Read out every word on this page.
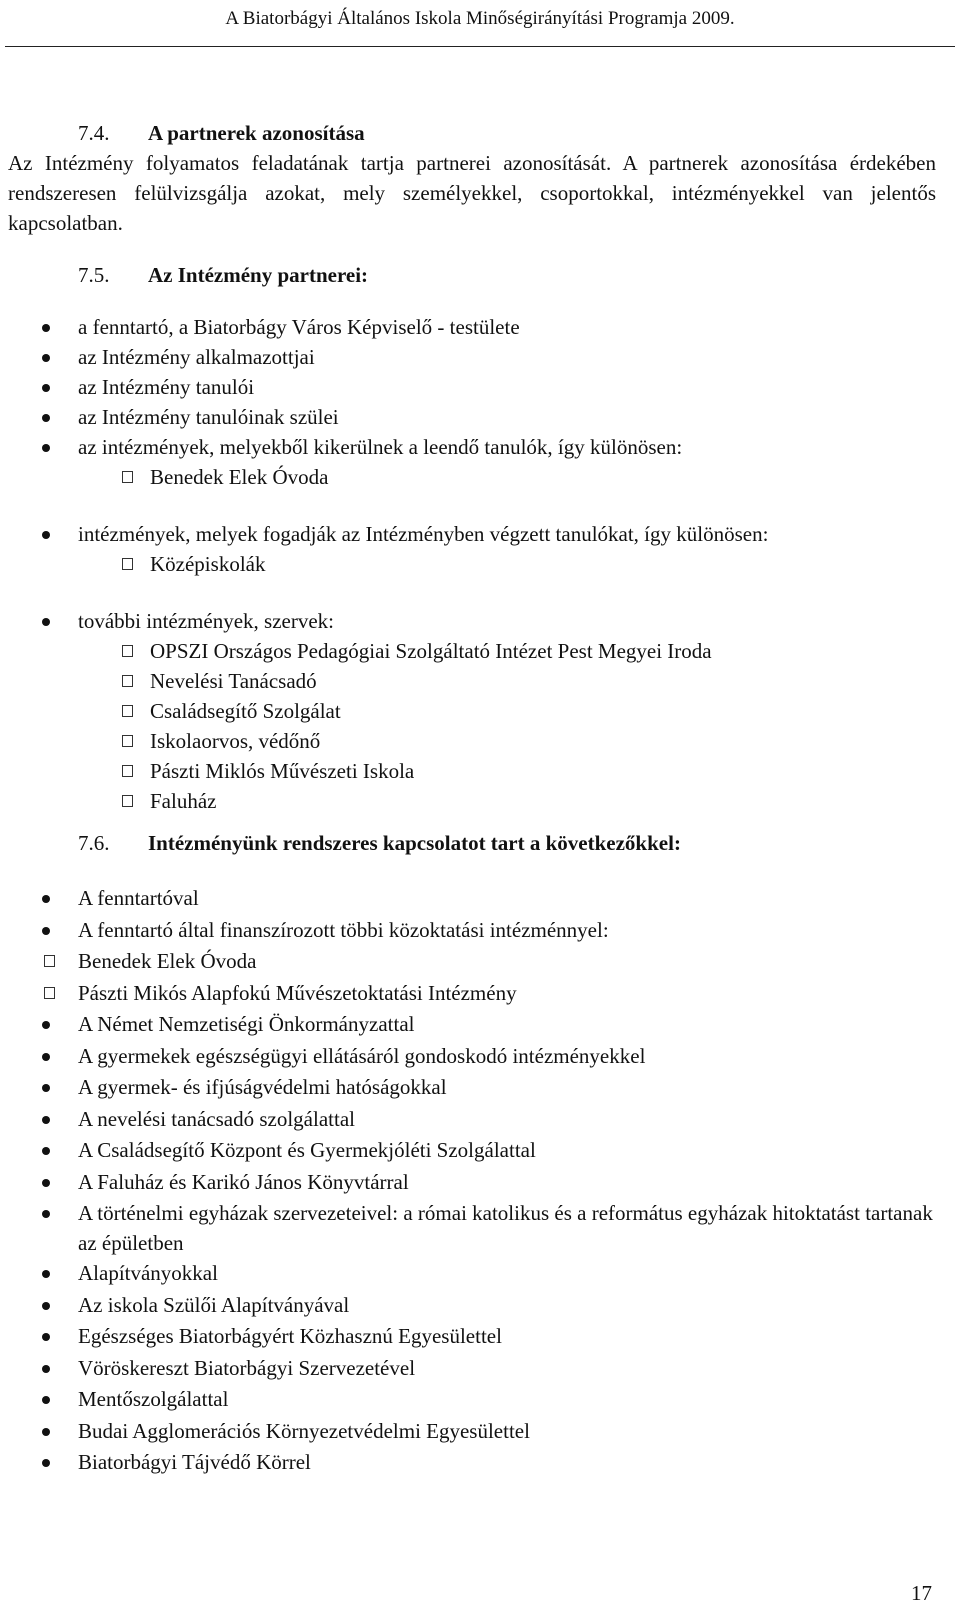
A Biatorbágyi Általános Iskola Minőségirányítási Programja 2009.
7.4.	A partnerek azonosítása
Az Intézmény folyamatos feladatának tartja partnerei azonosítását. A partnerek azonosítása érdekében rendszeresen felülvizsgálja azokat, mely személyekkel, csoportokkal, intézményekkel van jelentős kapcsolatban.
7.5.	Az Intézmény partnerei:
a fenntartó, a Biatorbágy Város Képviselő - testülete
az Intézmény alkalmazottjai
az Intézmény tanulói
az Intézmény tanulóinak szülei
az intézmények, melyekből kikerülnek a leendő tanulók, így különösen:
Benedek Elek Óvoda
intézmények, melyek fogadják az Intézményben végzett tanulókat, így különösen:
Középiskolák
további intézmények, szervek:
OPSZI Országos Pedagógiai Szolgáltató Intézet Pest Megyei Iroda
Nevelési Tanácsadó
Családsegítő Szolgálat
Iskolaorvos, védőnő
Pászti Miklós Művészeti Iskola
Faluház
7.6.	Intézményünk rendszeres kapcsolatot tart a következőkkel:
A fenntartóval
A fenntartó által finanszírozott többi közoktatási intézménnyel:
Benedek Elek Óvoda
Pászti Mikós Alapfokú Művészetoktatási Intézmény
A Német Nemzetiségi Önkormányzattal
A gyermekek egészségügyi ellátásáról gondoskodó intézményekkel
A gyermek- és ifjúságvédelmi hatóságokkal
A nevelési tanácsadó szolgálattal
A Családsegítő Központ és Gyermekjóléti Szolgálattal
A Faluház és Karikó János Könyvtárral
A történelmi egyházak szervezeteivel: a római katolikus és a református egyházak hitoktatást tartanak az épületben
Alapítványokkal
Az iskola Szülői Alapítványával
Egészséges Biatorbágyért Közhasznú Egyesülettel
Vöröskereszt Biatorbágyi Szervezetével
Mentőszolgálattal
Budai Agglomerációs Környezetvédelmi Egyesülettel
Biatorbágyi Tájvédő Körrel
17
